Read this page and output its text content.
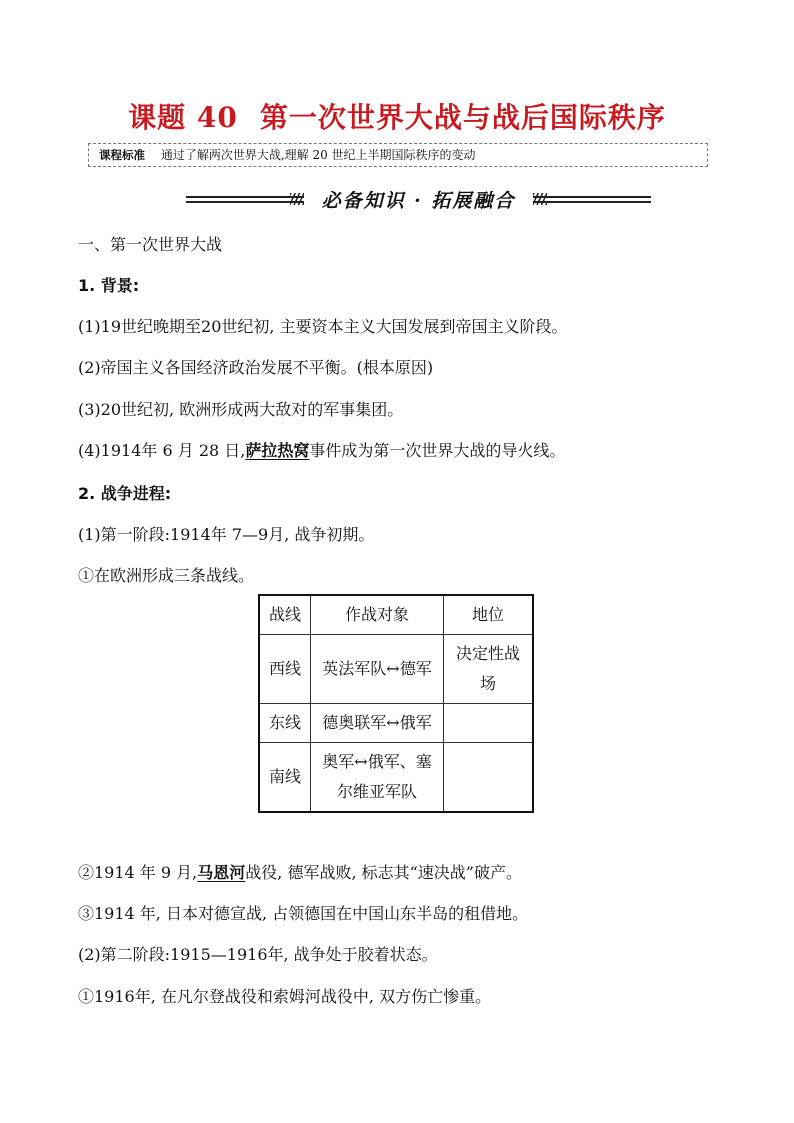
课题 40 第一次世界大战与战后国际秩序
课程标准 通过了解两次世界大战,理解 20 世纪上半期国际秩序的变动
必备知识 · 拓展融合
一、第一次世界大战
1. 背景:
(1)19世纪晚期至20世纪初, 主要资本主义大国发展到帝国主义阶段。
(2)帝国主义各国经济政治发展不平衡。(根本原因)
(3)20世纪初, 欧洲形成两大敌对的军事集团。
(4)1914年 6 月 28 日,萨拉热窝事件成为第一次世界大战的导火线。
2. 战争进程:
(1)第一阶段:1914年 7—9月, 战争初期。
①在欧洲形成三条战线。
战线	作战对象	地位
西线	英法军队↔德军	决定性战
场
东线	德奥联军↔俄军	
南线	奥军↔俄军、塞
尔维亚军队	
②1914 年 9 月,马恩河战役, 德军战败, 标志其“速决战”破产。
③1914 年, 日本对德宣战, 占领德国在中国山东半岛的租借地。
(2)第二阶段:1915—1916年, 战争处于胶着状态。
①1916年, 在凡尔登战役和索姆河战役中, 双方伤亡惨重。
